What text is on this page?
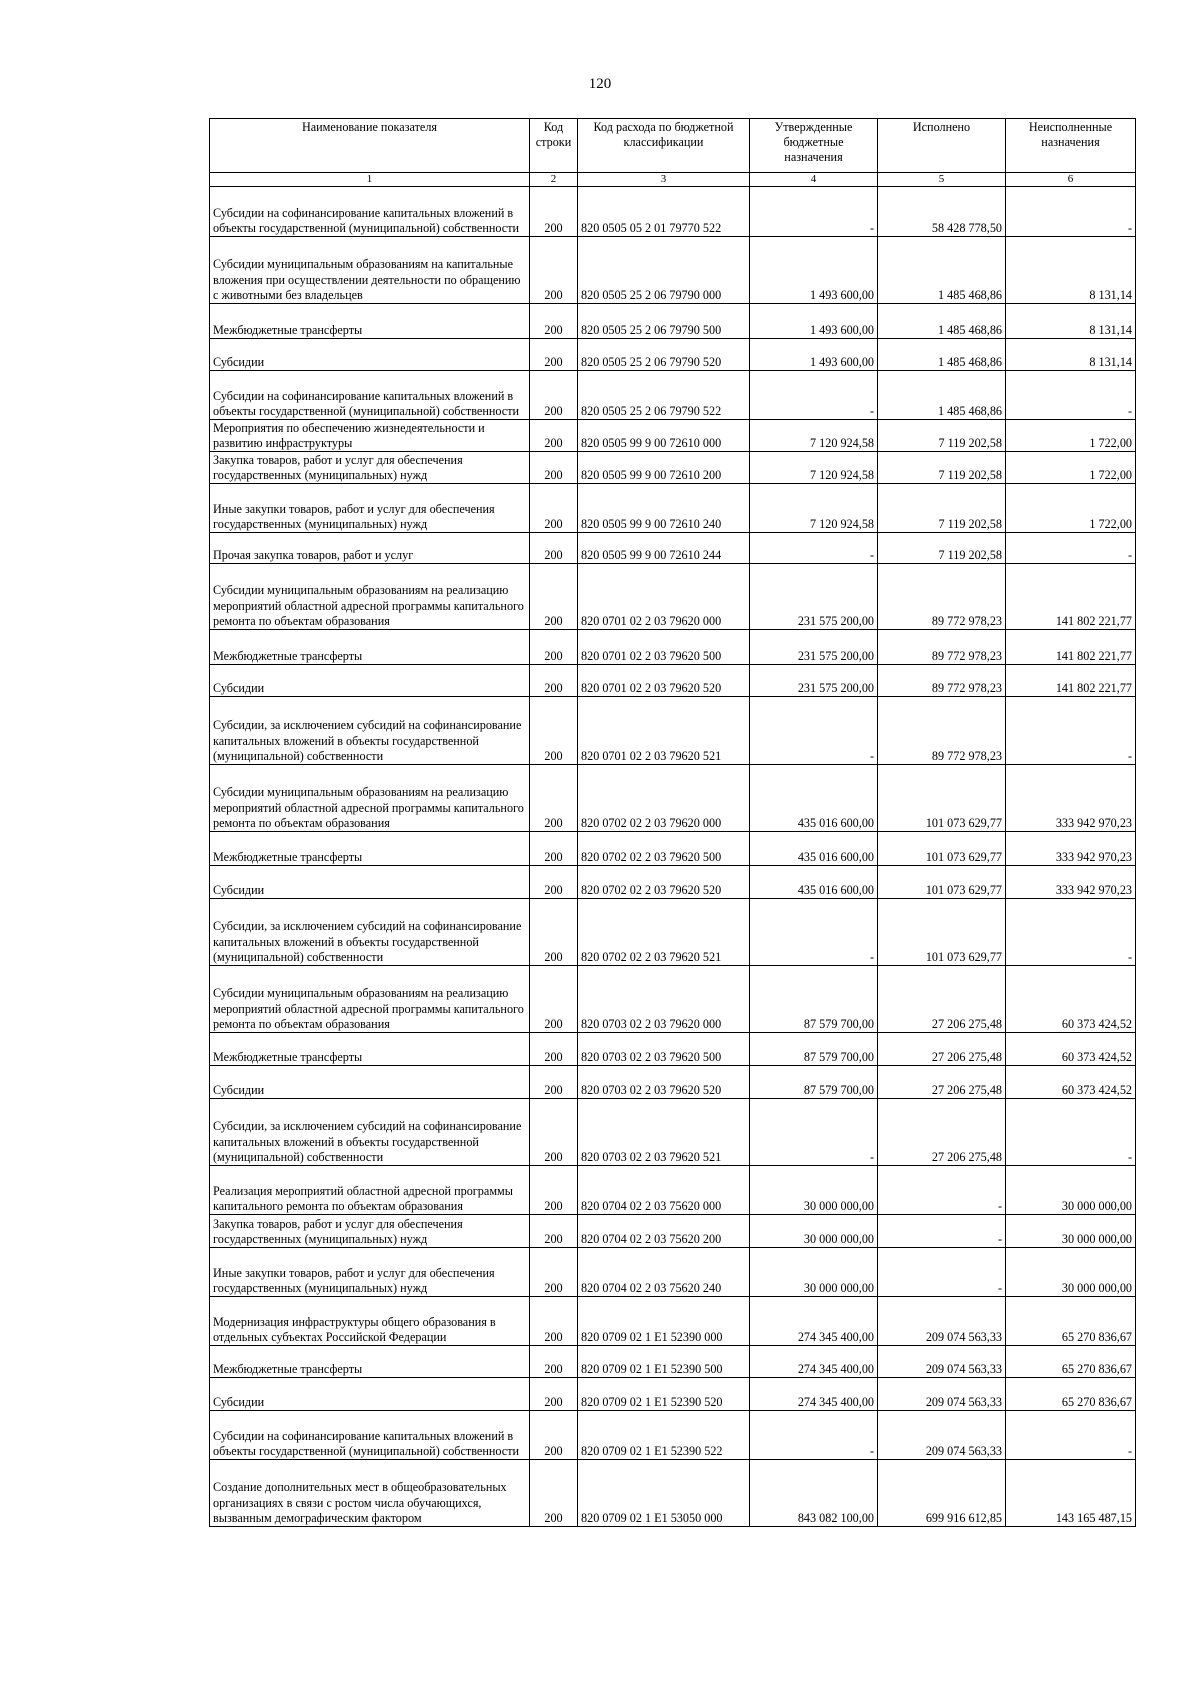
120
Наименование показателя	Код строки	Код расхода по бюджетной классификации	Утвержденные бюджетные назначения	Исполнено	Неисполненные назначения
1	2	3	4	5	6
Субсидии на софинансирование капитальных вложений в объекты государственной (муниципальной) собственности	200	820 0505 05 2 01 79770 522	-	58 428 778,50	-
Субсидии муниципальным образованиям на капитальные вложения при осуществлении деятельности по обращению с животными без владельцев	200	820 0505 25 2 06 79790 000	1 493 600,00	1 485 468,86	8 131,14
Межбюджетные трансферты	200	820 0505 25 2 06 79790 500	1 493 600,00	1 485 468,86	8 131,14
Субсидии	200	820 0505 25 2 06 79790 520	1 493 600,00	1 485 468,86	8 131,14
Субсидии на софинансирование капитальных вложений в объекты государственной (муниципальной) собственности	200	820 0505 25 2 06 79790 522	-	1 485 468,86	-
Мероприятия по обеспечению жизнедеятельности и развитию инфраструктуры	200	820 0505 99 9 00 72610 000	7 120 924,58	7 119 202,58	1 722,00
Закупка товаров, работ и услуг для обеспечения государственных (муниципальных) нужд	200	820 0505 99 9 00 72610 200	7 120 924,58	7 119 202,58	1 722,00
Иные закупки товаров, работ и услуг для обеспечения государственных (муниципальных) нужд	200	820 0505 99 9 00 72610 240	7 120 924,58	7 119 202,58	1 722,00
Прочая закупка товаров, работ и услуг	200	820 0505 99 9 00 72610 244	-	7 119 202,58	-
Субсидии муниципальным образованиям на реализацию мероприятий областной адресной программы капитального ремонта по объектам образования	200	820 0701 02 2 03 79620 000	231 575 200,00	89 772 978,23	141 802 221,77
Межбюджетные трансферты	200	820 0701 02 2 03 79620 500	231 575 200,00	89 772 978,23	141 802 221,77
Субсидии	200	820 0701 02 2 03 79620 520	231 575 200,00	89 772 978,23	141 802 221,77
Субсидии, за исключением субсидий на софинансирование капитальных вложений в объекты государственной (муниципальной) собственности	200	820 0701 02 2 03 79620 521	-	89 772 978,23	-
Субсидии муниципальным образованиям на реализацию мероприятий областной адресной программы капитального ремонта по объектам образования	200	820 0702 02 2 03 79620 000	435 016 600,00	101 073 629,77	333 942 970,23
Межбюджетные трансферты	200	820 0702 02 2 03 79620 500	435 016 600,00	101 073 629,77	333 942 970,23
Субсидии	200	820 0702 02 2 03 79620 520	435 016 600,00	101 073 629,77	333 942 970,23
Субсидии, за исключением субсидий на софинансирование капитальных вложений в объекты государственной (муниципальной) собственности	200	820 0702 02 2 03 79620 521	-	101 073 629,77	-
Субсидии муниципальным образованиям на реализацию мероприятий областной адресной программы капитального ремонта по объектам образования	200	820 0703 02 2 03 79620 000	87 579 700,00	27 206 275,48	60 373 424,52
Межбюджетные трансферты	200	820 0703 02 2 03 79620 500	87 579 700,00	27 206 275,48	60 373 424,52
Субсидии	200	820 0703 02 2 03 79620 520	87 579 700,00	27 206 275,48	60 373 424,52
Субсидии, за исключением субсидий на софинансирование капитальных вложений в объекты государственной (муниципальной) собственности	200	820 0703 02 2 03 79620 521	-	27 206 275,48	-
Реализация мероприятий областной адресной программы капитального ремонта по объектам образования	200	820 0704 02 2 03 75620 000	30 000 000,00	-	30 000 000,00
Закупка товаров, работ и услуг для обеспечения государственных (муниципальных) нужд	200	820 0704 02 2 03 75620 200	30 000 000,00	-	30 000 000,00
Иные закупки товаров, работ и услуг для обеспечения государственных (муниципальных) нужд	200	820 0704 02 2 03 75620 240	30 000 000,00	-	30 000 000,00
Модернизация инфраструктуры общего образования в отдельных субъектах Российской Федерации	200	820 0709 02 1 E1 52390 000	274 345 400,00	209 074 563,33	65 270 836,67
Межбюджетные трансферты	200	820 0709 02 1 E1 52390 500	274 345 400,00	209 074 563,33	65 270 836,67
Субсидии	200	820 0709 02 1 E1 52390 520	274 345 400,00	209 074 563,33	65 270 836,67
Субсидии на софинансирование капитальных вложений в объекты государственной (муниципальной) собственности	200	820 0709 02 1 E1 52390 522	-	209 074 563,33	-
Создание дополнительных мест в общеобразовательных организациях в связи с ростом числа обучающихся, вызванным демографическим фактором	200	820 0709 02 1 E1 53050 000	843 082 100,00	699 916 612,85	143 165 487,15
